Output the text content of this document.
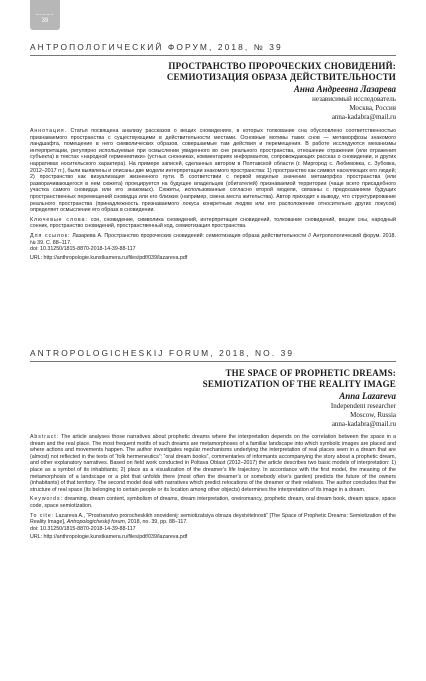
–––––
39
АНТРОПОЛОГИЧЕСКИЙ ФОРУМ, 2018, № 39
ПРОСТРАНСТВО ПРОРОЧЕСКИХ СНОВИДЕНИЙ:
СЕМИОТИЗАЦИЯ ОБРАЗА ДЕЙСТВИТЕЛЬНОСТИ
Анна Андреевна Лазарева
независимый исследователь
Москва, Россия
anna-kadabra@mail.ru

Аннотация. Статья посвящена анализу рассказов о вещих сновидениях, в которых толкование сна обусловлено соответственностью признаваемого пространства с существующими в действительности местами. Основные мотивы таких снов — метаморфозы знакомого ландшафта, помещение в него символических образов, совершаемые там действия и перемещения. В работе исследуются механизмы интерпретации, регулярно используемые при осмыслении увиденного во сне реального пространства, отношение отражения (или отражения субъекта) в текстах «народной герменевтики» (устных снонниках, комментариях информантов, сопровождающих рассказ о сновидении, и других нарративах носительского характера). На примере записей, сделанных автором в Полтавской области (г. Миргород с. Любимовка, с. Зубовка, 2012–2017 гг.), были выявлены и описаны две модели интерпретации знакомого пространства: 1) пространство как символ населяющих его людей; 2) пространство как визуализация жизненного пути. В соответствии с первой моделью значение метаморфоз пространства (или разворачивающегося в нем сюжета) проецируется на будущее владельцев (обитателей) признаваемой территории (чаще всего присадебного участка самого сновидца или его знакомых). Сюжеты, использованные согласно второй модели, связаны с предсказанием будущих пространственных перемещений сновидца или его близких (например, смена места жительства). Автор приходит к выводу, что структурирование реального пространства (принадлежность признаваемого локуса конкретным людям или его расположение относительно других локусов) определяет осмысление его образа в сновидении.

Ключевые слова: сон, сновидение, символика сновидений, интерпретация сновидений, толкование сновидений, вещие сны, народный сонник, пространство сновидений, пространственный код, семиотизация пространства.

Для ссылок: Лазарева А. Пространство пророческих сновидений: семиотизация образа действительности // Антропологический форум. 2018. № 39. С. 88–117.

doi: 10.31250/1815-8870-2018-14-39-88-117
URL: http://anthropologie.kunstkamera.ru/files/pdf/039/lazareva.pdf
ANTROPOLOGICHESKIJ FORUM, 2018, NO. 39
THE SPACE OF PROPHETIC DREAMS:
SEMIOTIZATION OF THE REALITY IMAGE
Anna Lazareva
Independent researcher
Moscow, Russia
anna-kadabra@mail.ru

Abstract: The article analyses those narratives about prophetic dreams where the interpretation depends on the correlation between the space in a dream and the real place. The most frequent motifs of such dreams are metamorphoses of a familiar landscape into which symbolic images are placed and where actions and movements happen. The author investigates regular mechanisms underlying the interpretation of real places seen in a dream that are (almost) not reflected in the texts of “folk hermeneutics”: “oral dream books”, commentaries of informants accompanying the story about a prophetic dream, and other explanatory narratives. Based on field work conducted in Poltava Oblast (2012–2017) the article describes two basic models of interpretation: 1) place as a symbol of its inhabitants; 2) place as a visualization of the dreamer’s life trajectory. In accordance with the first model, the meaning of the metamorphosis of a landscape or a plot that unfolds there (most often the dreamer’s or somebody else’s garden) predicts the future of the owners (inhabitants) of that territory. The second model deal with narratives which predict relocations of the dreamer or their relatives. The author concludes that the structure of real space (its belonging to certain people or its location among other objects) determines the interpretation of its image in a dream.

Keywords: dreaming, dream content, symbolism of dreams, dream interpretation, oneiromancy, prophetic dream, oral dream book, dream space, space code, space semiotization.

To cite: Lazareva A., “Prostranstvo prorocheskikh snovidenij: semiotizatsiya obraza deystvitelnosti” [The Space of Prophetic Dreams: Semiotization of the Reality Image], Antropologicheskij forum, 2018, no. 39, pp. 88–117.

doi: 10.31250/1815-8870-2018-14-39-88-117
URL: http://anthropologie.kunstkamera.ru/files/pdf/039/lazareva.pdf
